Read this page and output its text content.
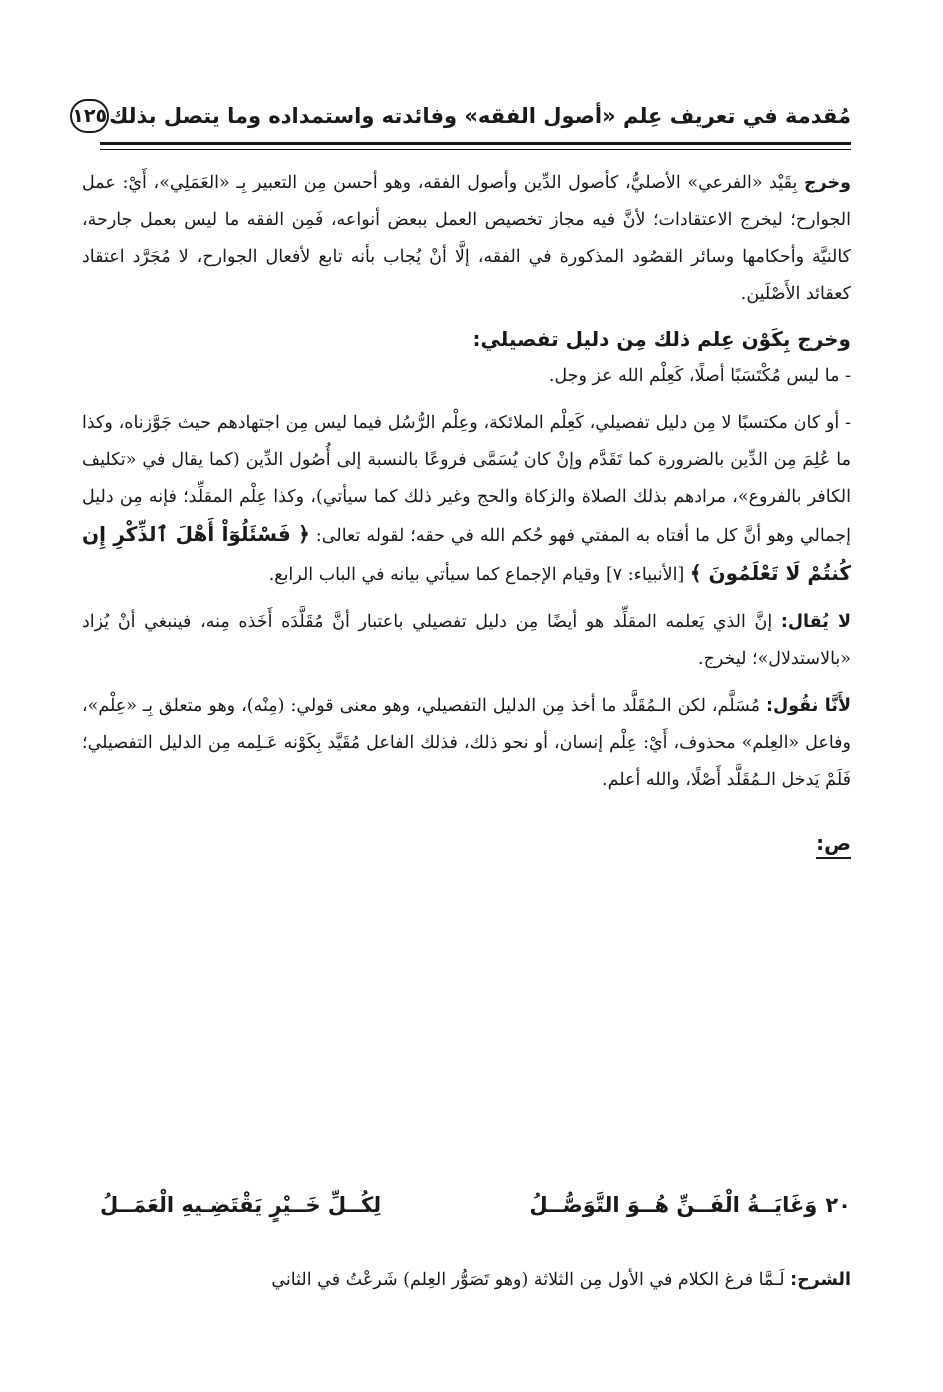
مُقدمة في تعريف عِلم «أصول الفقه» وفائدته واستمداده وما يتصل بذلك
١٢٥

وخرج بِقَيْد «الفرعي» الأصليُّ، كأصول الدِّين وأصول الفقه، وهو أحسن مِن التعبير بِـ «العَمَلِي»، أَيْ: عمل الجوارح؛ ليخرج الاعتقادات؛ لأنَّ فيه مجاز تخصيص العمل ببعض أنواعه، فَمِن الفقه ما ليس بعمل جارحة، كالنيَّة وأحكامها وسائر القصُود المذكورة في الفقه، إلَّا أنْ يُجاب بأنه تابع لأفعال الجوارح، لا مُجَرَّد اعتقاد كعقائد الأَصْلَين.

وخرج بِكَوْن عِلم ذلك مِن دليل تفصيلي:

- ما ليس مُكْتَسَبًا أصلًا، كَعِلْم الله عز وجل.

- أو كان مكتسبًا لا مِن دليل تفصيلي، كَعِلْم الملائكة، وعِلْم الرُّسُل فيما ليس مِن اجتهادهم حيث جَوَّزناه، وكذا ما عُلِمَ مِن الدِّين بالضرورة كما تَقَدَّم وإنْ كان يُسَمَّى فروعًا بالنسبة إلى أُصُول الدِّين (كما يقال في «تكليف الكافر بالفروع»، مرادهم بذلك الصلاة والزكاة والحج وغير ذلك كما سيأتي)، وكذا عِلْم المقلِّد؛ فإنه مِن دليل إجمالي وهو أنَّ كل ما أفتاه به المفتي فهو حُكم الله في حقه؛ لقوله تعالى: ﴿ فَسْئَلُوٓاْ أَهْلَ ٱلذِّكْرِ إِن كُنتُمْ لَا تَعْلَمُونَ ﴾ [الأنبياء: ٧] وقيام الإجماع كما سيأتي بيانه في الباب الرابع.

لا يُقال: إنَّ الذي يَعلمه المقلِّد هو أيضًا مِن دليل تفصيلي باعتبار أنَّ مُقَلَّدَه أَخَذه مِنه، فينبغي أنْ يُزاد «بالاستدلال»؛ ليخرج.

لأَنَّا نقُول: مُسَلَّم، لكن الـمُقَلَّد ما أخذ مِن الدليل التفصيلي، وهو معنى قولي: (مِنْه)، وهو متعلق بِـ «عِلْم»، وفاعل «العِلم» محذوف، أَيْ: عِلْم إنسان، أو نحو ذلك، فذلك الفاعل مُقَيَّد بِكَوْنه عَـلِمه مِن الدليل التفصيلي؛ فَلَمْ يَدخل الـمُقَلَّد أَصْلًا، والله أعلم.

ص:

٢٠
وَغَايَــةُ الْفَــنِّ هُــوَ التَّوَصُّــلُ
لِكُــلِّ خَــيْرٍ يَقْتَضِـيهِ الْعَمَــلُ
الشرح: لَـمَّا فرغ الكلام في الأول مِن الثلاثة (وهو تَصَوُّر العِلم) شَرعْتُ في الثاني
